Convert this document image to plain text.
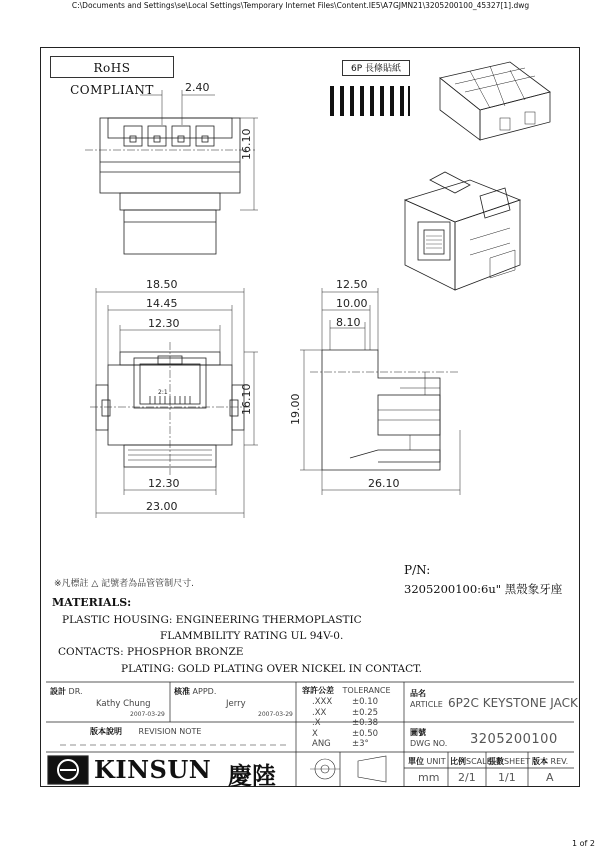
C:\Documents and Settings\se\Local Settings\Temporary Internet Files\Content.IE5\A7GJMN21\3205200100_45327[1].dwg
RoHS COMPLIANT
6P 長條貼紙
2.40
16.10
18.50
14.45
12.30
16.10
12.30
23.00
2:1
12.50
10.00
8.10
19.00
26.10
P/N:
3205200100:6u" 黑殼象牙座
※凡標註 △ 記號者為品管管制尺寸.
MATERIALS:
PLASTIC HOUSING: ENGINEERING THERMOPLASTIC
FLAMMBILITY RATING UL 94V-0.
CONTACTS: PHOSPHOR BRONZE
PLATING: GOLD PLATING OVER NICKEL IN CONTACT.
設計 DR.
Kathy Chung
2007-03-29
核准 APPD.
Jerry
2007-03-29
版本說明 REVISION NOTE
容許公差 TOLERANCE
.XXX ±0.10
.XX	±0.25
.X	±0.38
X	±0.50
ANG ±3°
品名
ARTICLE 6P2C KEYSTONE JACK
圖號
DWG NO. 3205200100
KINSUN 慶陸	單位 UNIT 比例SCALE
張數SHEET 版本 REV.
mm 2/1 1/1	A
1 of 2
